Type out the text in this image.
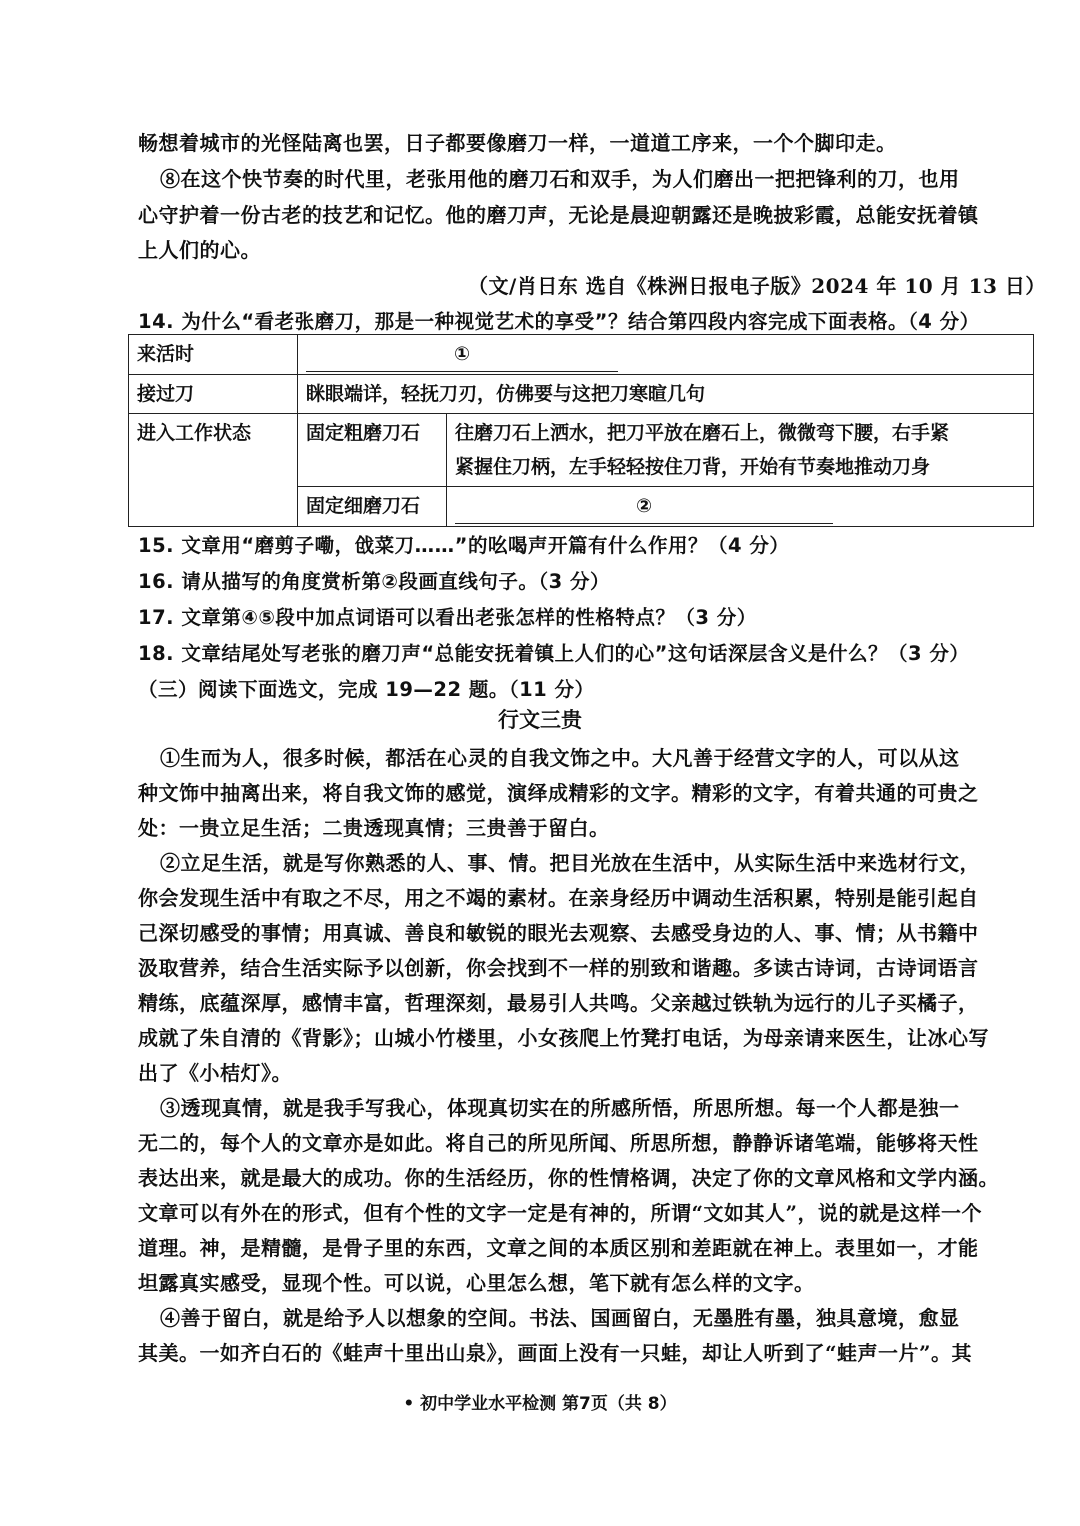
畅想着城市的光怪陆离也罢，日子都要像磨刀一样，一道道工序来，一个个脚印走。
⑧在这个快节奏的时代里，老张用他的磨刀石和双手，为人们磨出一把把锋利的刀，也用
心守护着一份古老的技艺和记忆。他的磨刀声，无论是晨迎朝露还是晚披彩霞，总能安抚着镇
上人们的心。
（文/肖日东 选自《株洲日报电子版》2024 年 10 月 13 日）
14. 为什么“看老张磨刀，那是一种视觉艺术的享受”？结合第四段内容完成下面表格。（4 分）
来活时	①	
接过刀	眯眼端详，轻抚刀刃，仿佛要与这把刀寒暄几句	
进入工作状态	固定粗磨刀石	往磨刀石上洒水，把刀平放在磨石上，微微弯下腰，右手紧
紧握住刀柄，左手轻轻按住刀背，开始有节奏地推动刀身

	固定细磨刀石	②
15. 文章用“磨剪子嘞，戗菜刀……”的吆喝声开篇有什么作用？（4 分）
16. 请从描写的角度赏析第②段画直线句子。（3 分）
17. 文章第④⑤段中加点词语可以看出老张怎样的性格特点？（3 分）
18. 文章结尾处写老张的磨刀声“总能安抚着镇上人们的心”这句话深层含义是什么？（3 分）
（三）阅读下面选文，完成 19—22 题。（11 分）
行文三贵
①生而为人，很多时候，都活在心灵的自我文饰之中。大凡善于经营文字的人，可以从这
种文饰中抽离出来，将自我文饰的感觉，演绎成精彩的文字。精彩的文字，有着共通的可贵之
处：一贵立足生活；二贵透现真情；三贵善于留白。
②立足生活，就是写你熟悉的人、事、情。把目光放在生活中，从实际生活中来选材行文，
你会发现生活中有取之不尽，用之不竭的素材。在亲身经历中调动生活积累，特别是能引起自
己深切感受的事情；用真诚、善良和敏锐的眼光去观察、去感受身边的人、事、情；从书籍中
汲取营养，结合生活实际予以创新，你会找到不一样的别致和谐趣。多读古诗词，古诗词语言
精练，底蕴深厚，感情丰富，哲理深刻，最易引人共鸣。父亲越过铁轨为远行的儿子买橘子，
成就了朱自清的《背影》；山城小竹楼里，小女孩爬上竹凳打电话，为母亲请来医生，让冰心写
出了《小桔灯》。
③透现真情，就是我手写我心，体现真切实在的所感所悟，所思所想。每一个人都是独一
无二的，每个人的文章亦是如此。将自己的所见所闻、所思所想，静静诉诸笔端，能够将天性
表达出来，就是最大的成功。你的生活经历，你的性情格调，决定了你的文章风格和文学内涵。
文章可以有外在的形式，但有个性的文字一定是有神的，所谓“文如其人”，说的就是这样一个
道理。神，是精髓，是骨子里的东西，文章之间的本质区别和差距就在神上。表里如一，才能
坦露真实感受，显现个性。可以说，心里怎么想，笔下就有怎么样的文字。
④善于留白，就是给予人以想象的空间。书法、国画留白，无墨胜有墨，独具意境，愈显
其美。一如齐白石的《蛙声十里出山泉》，画面上没有一只蛙，却让人听到了“蛙声一片”。其
• 初中学业水平检测 第7页（共 8）
